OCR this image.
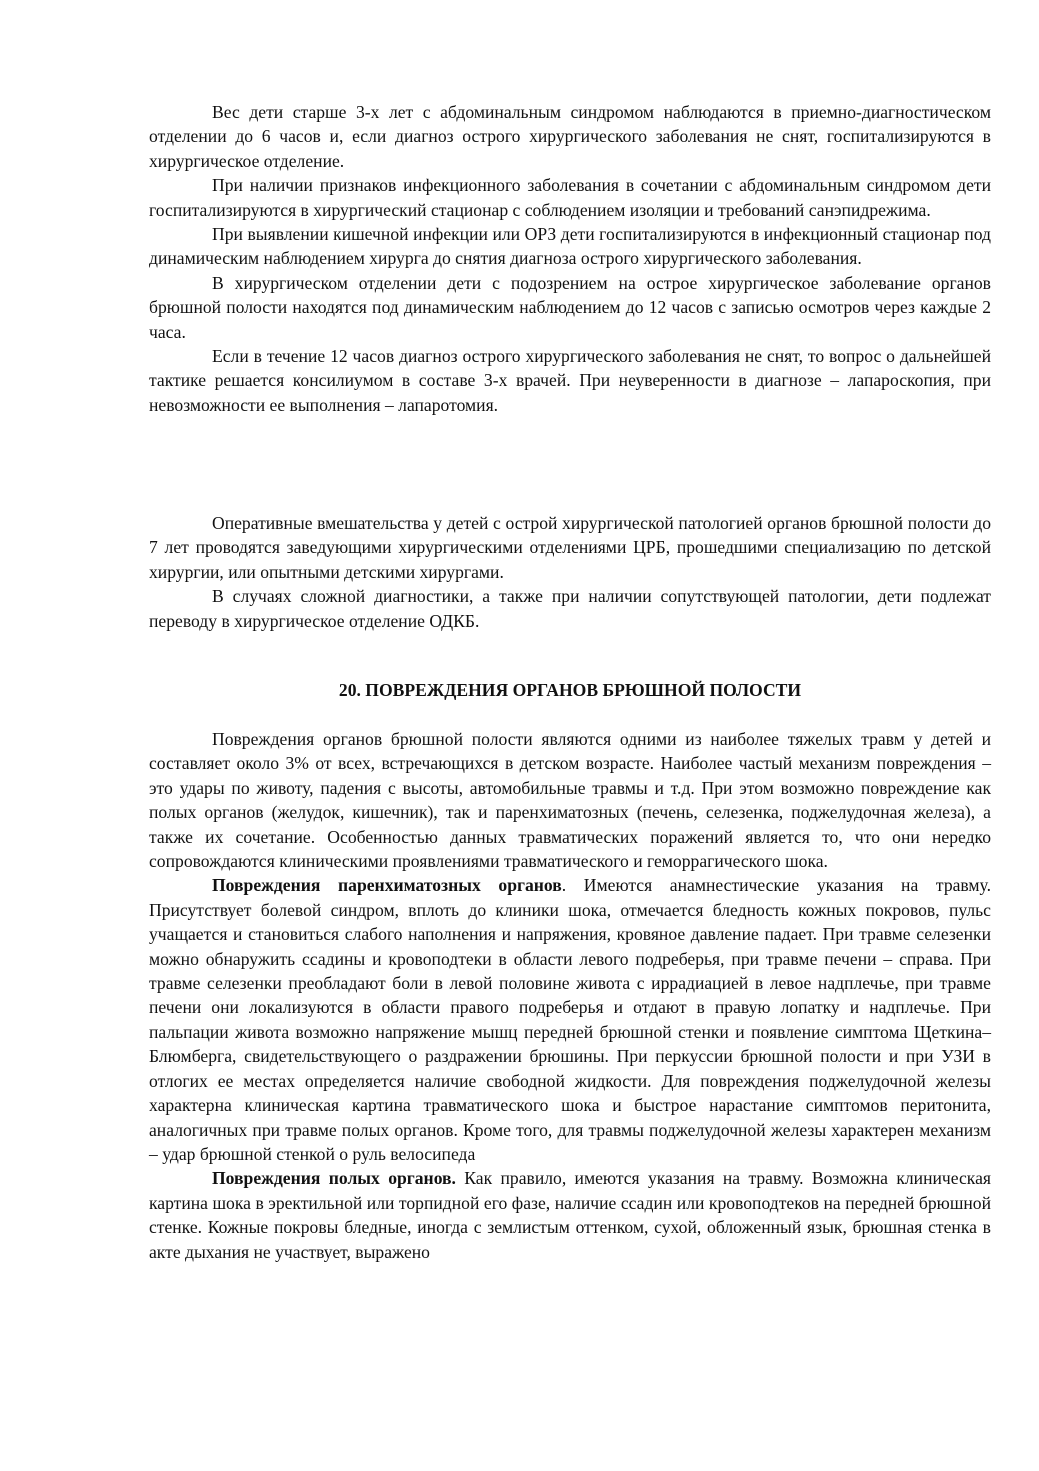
Вес дети старше 3-х лет с абдоминальным синдромом наблюдаются в приемно-диагностическом отделении до 6 часов и, если диагноз острого хирургического заболевания не снят, госпитализируются в хирургическое отделение.

При наличии признаков инфекционного заболевания в сочетании с абдоминальным синдромом дети госпитализируются в хирургический стационар с соблюдением изоляции и требований санэпидрежима.

При выявлении кишечной инфекции или ОРЗ дети госпитализируются в инфекционный стационар под динамическим наблюдением хирурга до снятия диагноза острого хирургического заболевания.

В хирургическом отделении дети с подозрением на острое хирургическое заболевание органов брюшной полости находятся под динамическим наблюдением до 12 часов с записью осмотров через каждые 2 часа.

Если в течение 12 часов диагноз острого хирургического заболевания не снят, то вопрос о дальнейшей тактике решается консилиумом в составе 3-х врачей. При неуверенности в диагнозе – лапароскопия, при невозможности ее выполнения – лапаротомия.

Оперативные вмешательства у детей с острой хирургической патологией органов брюшной полости до 7 лет проводятся заведующими хирургическими отделениями ЦРБ, прошедшими специализацию по детской хирургии, или опытными детскими хирургами.

В случаях сложной диагностики, а также при наличии сопутствующей патологии, дети подлежат переводу в хирургическое отделение ОДКБ.

20. ПОВРЕЖДЕНИЯ ОРГАНОВ БРЮШНОЙ ПОЛОСТИ

Повреждения органов брюшной полости являются одними из наиболее тяжелых травм у детей и составляет около 3% от всех, встречающихся в детском возрасте. Наиболее частый механизм повреждения – это удары по животу, падения с высоты, автомобильные травмы и т.д. При этом возможно повреждение как полых органов (желудок, кишечник), так и паренхиматозных (печень, селезенка, поджелудочная железа), а также их сочетание. Особенностью данных травматических поражений является то, что они нередко сопровождаются клиническими проявлениями травматического и геморрагического шока.

Повреждения паренхиматозных органов. Имеются анамнестические указания на травму. Присутствует болевой синдром, вплоть до клиники шока, отмечается бледность кожных покровов, пульс учащается и становиться слабого наполнения и напряжения, кровяное давление падает. При травме селезенки можно обнаружить ссадины и кровоподтеки в области левого подреберья, при травме печени – справа. При травме селезенки преобладают боли в левой половине живота с иррадиацией в левое надплечье, при травме печени они локализуются в области правого подреберья и отдают в правую лопатку и надплечье. При пальпации живота возможно напряжение мышц передней брюшной стенки и появление симптома Щеткина–Блюмберга, свидетельствующего о раздражении брюшины. При перкуссии брюшной полости и при УЗИ в отлогих ее местах определяется наличие свободной жидкости. Для повреждения поджелудочной железы характерна клиническая картина травматического шока и быстрое нарастание симптомов перитонита, аналогичных при травме полых органов. Кроме того, для травмы поджелудочной железы характерен механизм – удар брюшной стенкой о руль велосипеда

Повреждения полых органов. Как правило, имеются указания на травму. Возможна клиническая картина шока в эректильной или торпидной его фазе, наличие ссадин или кровоподтеков на передней брюшной стенке. Кожные покровы бледные, иногда с землистым оттенком, сухой, обложенный язык, брюшная стенка в акте дыхания не участвует, выражено
